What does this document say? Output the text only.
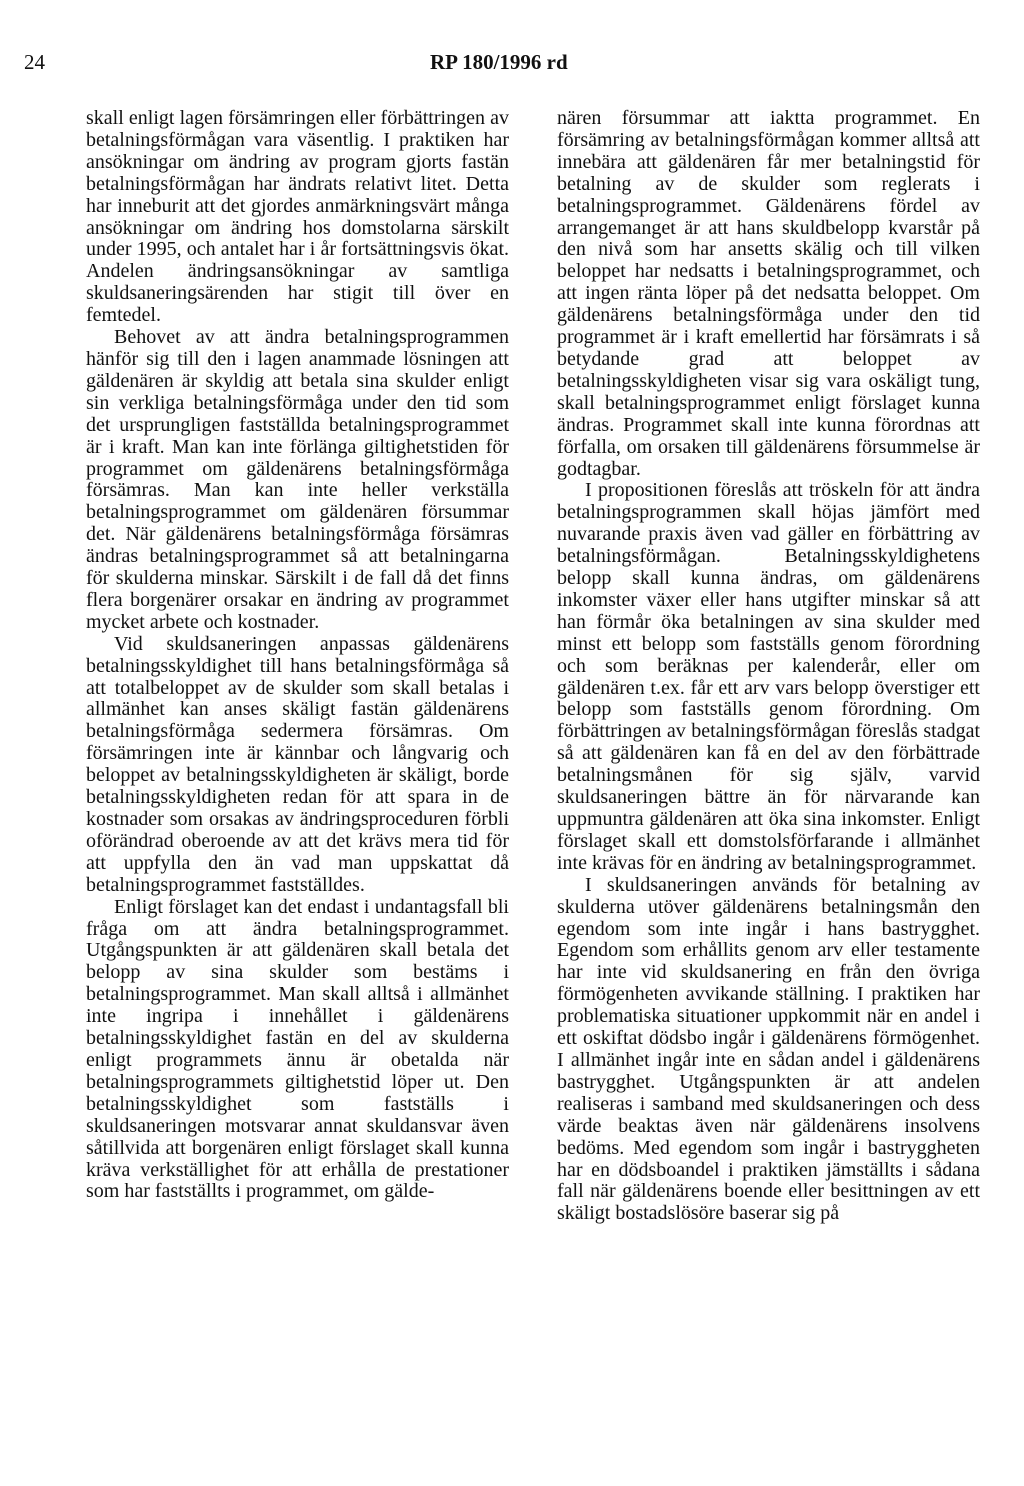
24	RP 180/1996 rd

skall enligt lagen försämringen eller förbättringen av betalningsförmågan vara väsentlig. I praktiken har ansökningar om ändring av program gjorts fastän betalningsförmågan har ändrats relativt litet. Detta har inneburit att det gjordes anmärkningsvärt många ansökningar om ändring hos domstolarna särskilt under 1995, och antalet har i år fortsättningsvis ökat. Andelen ändringsansökningar av samtliga skuldsaneringsärenden har stigit till över en femtedel.

Behovet av att ändra betalningsprogrammen hänför sig till den i lagen anammade lösningen att gäldenären är skyldig att betala sina skulder enligt sin verkliga betalningsförmåga under den tid som det ursprungligen fastställda betalningsprogrammet är i kraft. Man kan inte förlänga giltighetstiden för programmet om gäldenärens betalningsförmåga försämras. Man kan inte heller verkställa betalningsprogrammet om gäldenären försummar det. När gäldenärens betalningsförmåga försämras ändras betalningsprogrammet så att betalningarna för skulderna minskar. Särskilt i de fall då det finns flera borgenärer orsakar en ändring av programmet mycket arbete och kostnader.

Vid skuldsaneringen anpassas gäldenärens betalningsskyldighet till hans betalningsförmåga så att totalbeloppet av de skulder som skall betalas i allmänhet kan anses skäligt fastän gäldenärens betalningsförmåga sedermera försämras. Om försämringen inte är kännbar och långvarig och beloppet av betalningsskyldigheten är skäligt, borde betalningsskyldigheten redan för att spara in de kostnader som orsakas av ändringsproceduren förbli oförändrad oberoende av att det krävs mera tid för att uppfylla den än vad man uppskattat då betalningsprogrammet fastställdes.

Enligt förslaget kan det endast i undantagsfall bli fråga om att ändra betalningsprogrammet. Utgångspunkten är att gäldenären skall betala det belopp av sina skulder som bestäms i betalningsprogrammet. Man skall alltså i allmänhet inte ingripa i innehållet i gäldenärens betalningsskyldighet fastän en del av skulderna enligt programmets ännu är obetalda när betalningsprogrammets giltighetstid löper ut. Den betalningsskyldighet som fastställs i skuldsaneringen motsvarar annat skuldansvar även såtillvida att borgenären enligt förslaget skall kunna kräva verkställighet för att erhålla de prestationer som har fastställts i programmet, om gälde-

nären försummar att iaktta programmet. En försämring av betalningsförmågan kommer alltså att innebära att gäldenären får mer betalningstid för betalning av de skulder som reglerats i betalningsprogrammet. Gäldenärens fördel av arrangemanget är att hans skuldbelopp kvarstår på den nivå som har ansetts skälig och till vilken beloppet har nedsatts i betalningsprogrammet, och att ingen ränta löper på det nedsatta beloppet. Om gäldenärens betalningsförmåga under den tid programmet är i kraft emellertid har försämrats i så betydande grad att beloppet av betalningsskyldigheten visar sig vara oskäligt tung, skall betalningsprogrammet enligt förslaget kunna ändras. Programmet skall inte kunna förordnas att förfalla, om orsaken till gäldenärens försummelse är godtagbar.

I propositionen föreslås att tröskeln för att ändra betalningsprogrammen skall höjas jämfört med nuvarande praxis även vad gäller en förbättring av betalningsförmågan. Betalningsskyldighetens belopp skall kunna ändras, om gäldenärens inkomster växer eller hans utgifter minskar så att han förmår öka betalningen av sina skulder med minst ett belopp som fastställs genom förordning och som beräknas per kalenderår, eller om gäldenären t.ex. får ett arv vars belopp överstiger ett belopp som fastställs genom förordning. Om förbättringen av betalningsförmågan föreslås stadgat så att gäldenären kan få en del av den förbättrade betalningsmånen för sig själv, varvid skuldsaneringen bättre än för närvarande kan uppmuntra gäldenären att öka sina inkomster. Enligt förslaget skall ett domstolsförfarande i allmänhet inte krävas för en ändring av betalningsprogrammet.

I skuldsaneringen används för betalning av skulderna utöver gäldenärens betalningsmån den egendom som inte ingår i hans bastrygghet. Egendom som erhållits genom arv eller testamente har inte vid skuldsanering en från den övriga förmögenheten avvikande ställning. I praktiken har problematiska situationer uppkommit när en andel i ett oskiftat dödsbo ingår i gäldenärens förmögenhet. I allmänhet ingår inte en sådan andel i gäldenärens bastrygghet. Utgångspunkten är att andelen realiseras i samband med skuldsaneringen och dess värde beaktas även när gäldenärens insolvens bedöms. Med egendom som ingår i bastryggheten har en dödsboandel i praktiken jämställts i sådana fall när gäldenärens boende eller besittningen av ett skäligt bostadslösöre baserar sig på
